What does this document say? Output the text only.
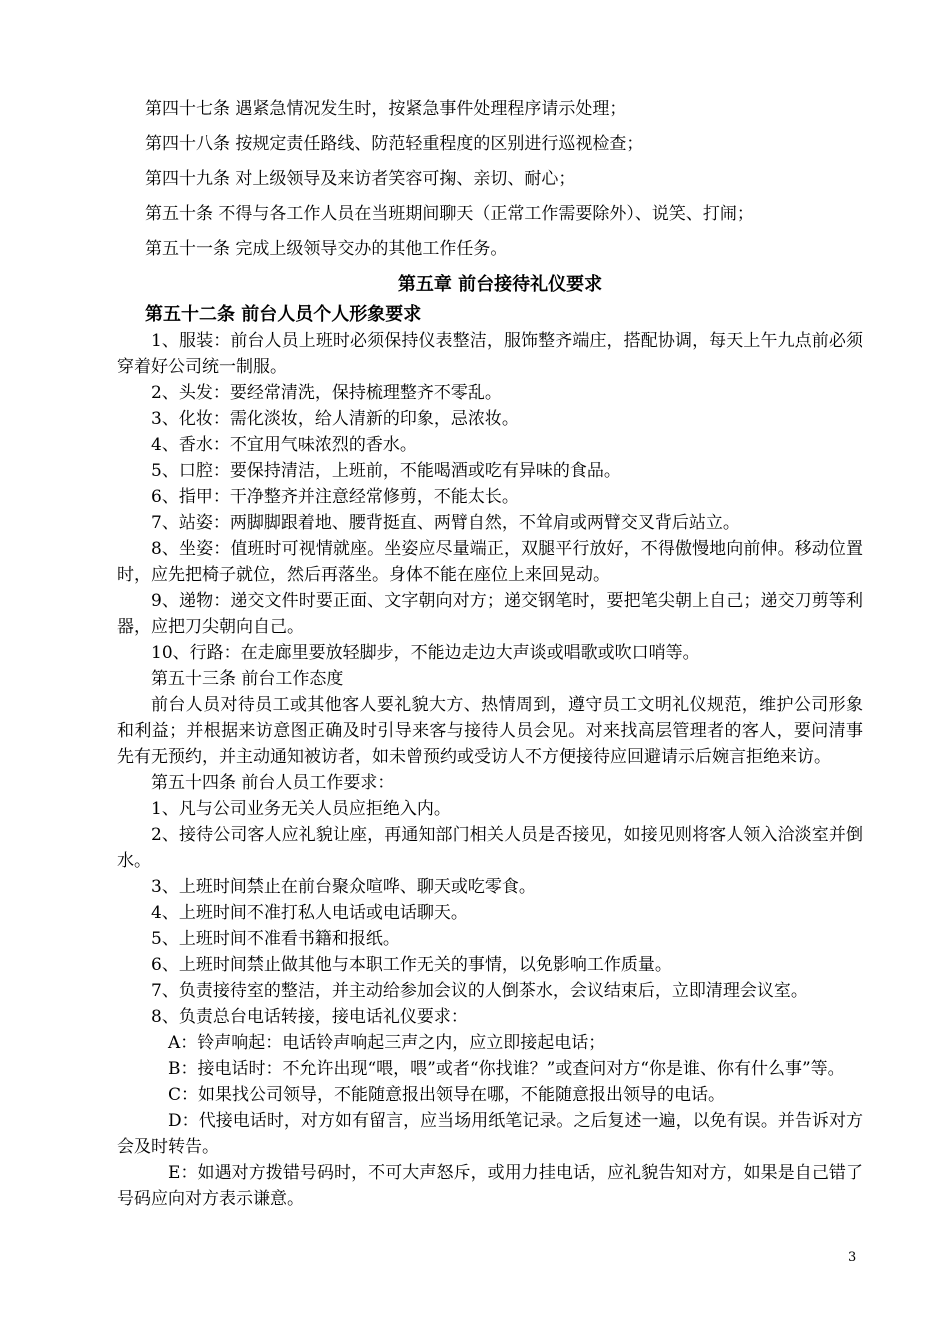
第四十七条 遇紧急情况发生时，按紧急事件处理程序请示处理；

第四十八条 按规定责任路线、防范轻重程度的区别进行巡视检查；

第四十九条 对上级领导及来访者笑容可掬、亲切、耐心；

第五十条 不得与各工作人员在当班期间聊天（正常工作需要除外）、说笑、打闹；

第五十一条 完成上级领导交办的其他工作任务。

第五章 前台接待礼仪要求

第五十二条 前台人员个人形象要求

1、服装：前台人员上班时必须保持仪表整洁，服饰整齐端庄，搭配协调，每天上午九点前必须穿着好公司统一制服。

2、头发：要经常清洗，保持梳理整齐不零乱。

3、化妆：需化淡妆，给人清新的印象，忌浓妆。

4、香水：不宜用气味浓烈的香水。

5、口腔：要保持清洁，上班前，不能喝酒或吃有异味的食品。

6、指甲：干净整齐并注意经常修剪，不能太长。

7、站姿：两脚脚跟着地、腰背挺直、两臂自然，不耸肩或两臂交叉背后站立。

8、坐姿：值班时可视情就座。坐姿应尽量端正，双腿平行放好，不得傲慢地向前伸。移动位置时，应先把椅子就位，然后再落坐。身体不能在座位上来回晃动。

9、递物：递交文件时要正面、文字朝向对方；递交钢笔时，要把笔尖朝上自己；递交刀剪等利器，应把刀尖朝向自己。

10、行路：在走廊里要放轻脚步，不能边走边大声谈或唱歌或吹口哨等。

第五十三条 前台工作态度

前台人员对待员工或其他客人要礼貌大方、热情周到，遵守员工文明礼仪规范，维护公司形象和利益；并根据来访意图正确及时引导来客与接待人员会见。对来找高层管理者的客人，要问清事先有无预约，并主动通知被访者，如未曾预约或受访人不方便接待应回避请示后婉言拒绝来访。

第五十四条 前台人员工作要求：

1、凡与公司业务无关人员应拒绝入内。

2、接待公司客人应礼貌让座，再通知部门相关人员是否接见，如接见则将客人领入洽淡室并倒水。

3、上班时间禁止在前台聚众喧哗、聊天或吃零食。

4、上班时间不准打私人电话或电话聊天。

5、上班时间不准看书籍和报纸。

6、上班时间禁止做其他与本职工作无关的事情，以免影响工作质量。

7、负责接待室的整洁，并主动给参加会议的人倒茶水，会议结束后，立即清理会议室。

8、负责总台电话转接，接电话礼仪要求：

A：铃声响起：电话铃声响起三声之内，应立即接起电话；

B：接电话时：不允许出现“喂，喂”或者“你找谁？”或查问对方“你是谁、你有什么事”等。

C：如果找公司领导，不能随意报出领导在哪，不能随意报出领导的电话。

D：代接电话时，对方如有留言，应当场用纸笔记录。之后复述一遍，以免有误。并告诉对方会及时转告。

E：如遇对方拨错号码时，不可大声怒斥，或用力挂电话，应礼貌告知对方，如果是自己错了号码应向对方表示谦意。

3
